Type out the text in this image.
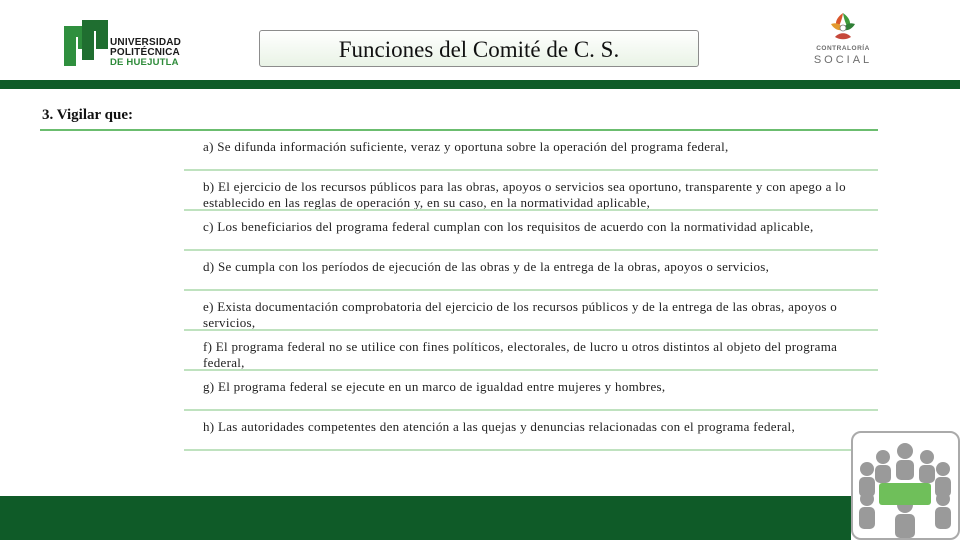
UNIVERSIDAD
POLITÉCNICA
DE HUEJUTLA
Funciones del Comité de C. S.	CONTRALORÍA
SOCIAL
3. Vigilar que:
a) Se difunda información suficiente, veraz y oportuna sobre la operación del programa federal,
b) El ejercicio de los recursos públicos para las obras, apoyos o servicios sea oportuno, transparente y con apego a lo establecido en las reglas de operación y, en su caso, en la normatividad aplicable,
c) Los beneficiarios del programa federal cumplan con los requisitos de acuerdo con la normatividad aplicable,
d) Se cumpla con los períodos de ejecución de las obras y de la entrega de la obras, apoyos o servicios,
e) Exista documentación comprobatoria del ejercicio de los recursos públicos y de la entrega de las obras, apoyos o servicios,
f) El programa federal no se utilice con fines políticos, electorales, de lucro u otros distintos al objeto del programa federal,
g) El programa federal se ejecute en un marco de igualdad entre mujeres y hombres,
h) Las autoridades competentes den atención a las quejas y denuncias relacionadas con el programa federal,
